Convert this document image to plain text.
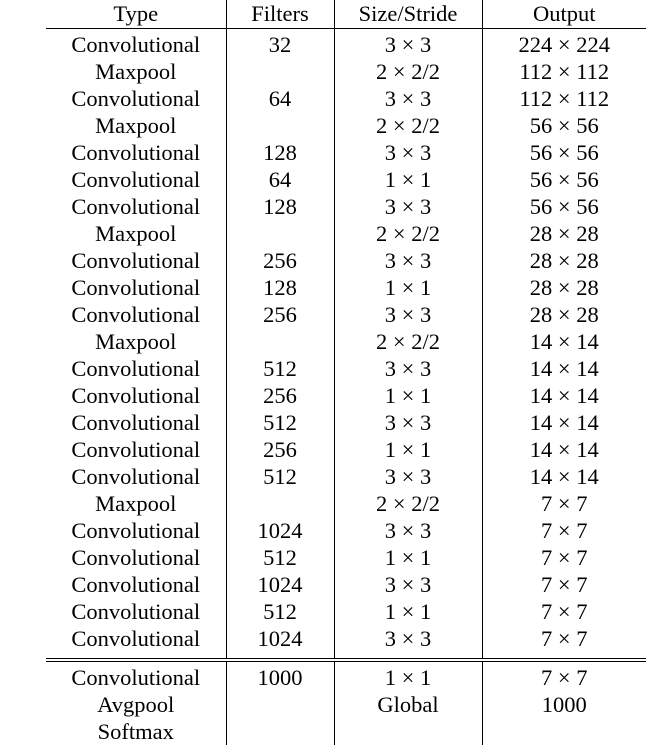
Type	Filters	Size/Stride	Output
Convolutional	32	3 × 3	224 × 224
Maxpool		2 × 2/2	112 × 112
Convolutional	64	3 × 3	112 × 112
Maxpool		2 × 2/2	56 × 56
Convolutional	128	3 × 3	56 × 56
Convolutional	64	1 × 1	56 × 56
Convolutional	128	3 × 3	56 × 56
Maxpool		2 × 2/2	28 × 28
Convolutional	256	3 × 3	28 × 28
Convolutional	128	1 × 1	28 × 28
Convolutional	256	3 × 3	28 × 28
Maxpool		2 × 2/2	14 × 14
Convolutional	512	3 × 3	14 × 14
Convolutional	256	1 × 1	14 × 14
Convolutional	512	3 × 3	14 × 14
Convolutional	256	1 × 1	14 × 14
Convolutional	512	3 × 3	14 × 14
Maxpool		2 × 2/2	7 × 7
Convolutional	1024	3 × 3	7 × 7
Convolutional	512	1 × 1	7 × 7
Convolutional	1024	3 × 3	7 × 7
Convolutional	512	1 × 1	7 × 7
Convolutional	1024	3 × 3	7 × 7
Convolutional	1000	1 × 1	7 × 7
Avgpool		Global	1000
Softmax			
